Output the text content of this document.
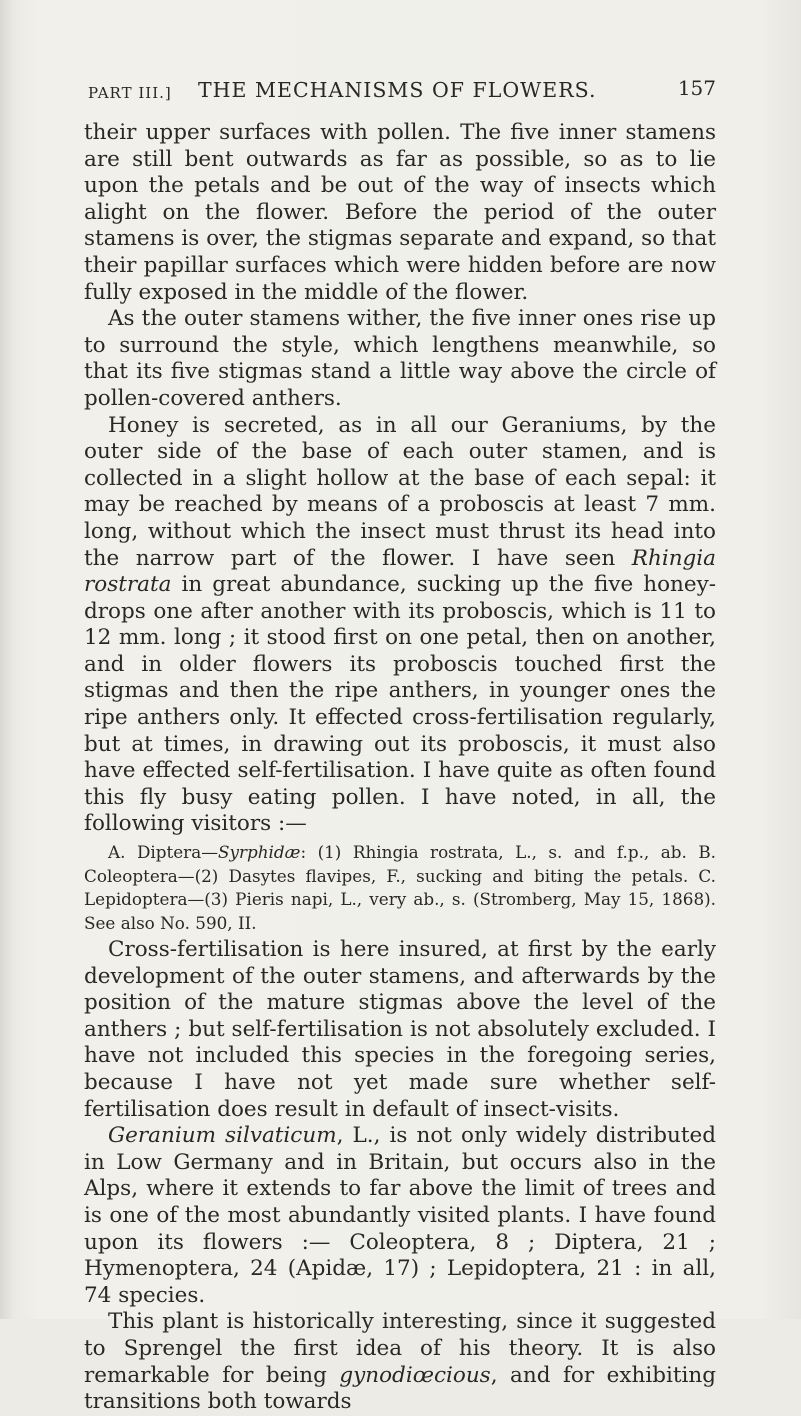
PART III.] THE MECHANISMS OF FLOWERS.	157

their upper surfaces with pollen. The five inner stamens are still bent outwards as far as possible, so as to lie upon the petals and be out of the way of insects which alight on the flower. Before the period of the outer stamens is over, the stigmas separate and expand, so that their papillar surfaces which were hidden before are now fully exposed in the middle of the flower.

As the outer stamens wither, the five inner ones rise up to surround the style, which lengthens meanwhile, so that its five stigmas stand a little way above the circle of pollen-covered anthers.

Honey is secreted, as in all our Geraniums, by the outer side of the base of each outer stamen, and is collected in a slight hollow at the base of each sepal: it may be reached by means of a proboscis at least 7 mm. long, without which the insect must thrust its head into the narrow part of the flower. I have seen Rhingia rostrata in great abundance, sucking up the five honey-drops one after another with its proboscis, which is 11 to 12 mm. long ; it stood first on one petal, then on another, and in older flowers its proboscis touched first the stigmas and then the ripe anthers, in younger ones the ripe anthers only. It effected cross-fertilisation regularly, but at times, in drawing out its proboscis, it must also have effected self-fertilisation. I have quite as often found this fly busy eating pollen. I have noted, in all, the following visitors :—

A. Diptera—Syrphidæ: (1) Rhingia rostrata, L., s. and f.p., ab. B. Coleoptera—(2) Dasytes flavipes, F., sucking and biting the petals. C. Lepidoptera—(3) Pieris napi, L., very ab., s. (Stromberg, May 15, 1868). See also No. 590, II.

Cross-fertilisation is here insured, at first by the early development of the outer stamens, and afterwards by the position of the mature stigmas above the level of the anthers ; but self-fertilisation is not absolutely excluded. I have not included this species in the foregoing series, because I have not yet made sure whether self-fertilisation does result in default of insect-visits.

Geranium silvaticum, L., is not only widely distributed in Low Germany and in Britain, but occurs also in the Alps, where it extends to far above the limit of trees and is one of the most abundantly visited plants. I have found upon its flowers :— Coleoptera, 8 ; Diptera, 21 ; Hymenoptera, 24 (Apidæ, 17) ; Lepidoptera, 21 : in all, 74 species.

This plant is historically interesting, since it suggested to Sprengel the first idea of his theory. It is also remarkable for being gynodiœcious, and for exhibiting transitions both towards
